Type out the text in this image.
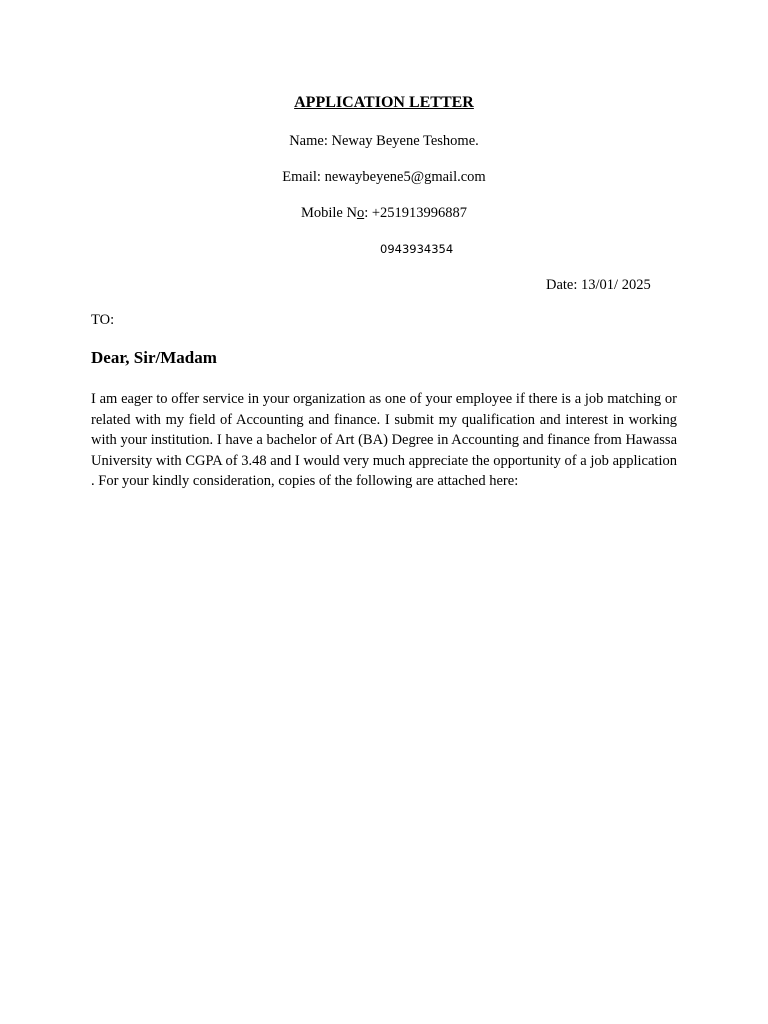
APPLICATION LETTER
Name: Neway Beyene Teshome.
Email: newaybeyene5@gmail.com
Mobile No: +251913996887
0943934354
Date: 13/01/ 2025
TO:
Dear, Sir/Madam
I am eager to offer service in your organization as one of your employee if there is a job matching or related with my field of Accounting and finance. I submit my qualification and interest in working with your institution. I have a bachelor of Art (BA) Degree in Accounting and finance from Hawassa University with CGPA of 3.48 and I would very much appreciate the opportunity of a job application . For your kindly consideration, copies of the following are attached here:
